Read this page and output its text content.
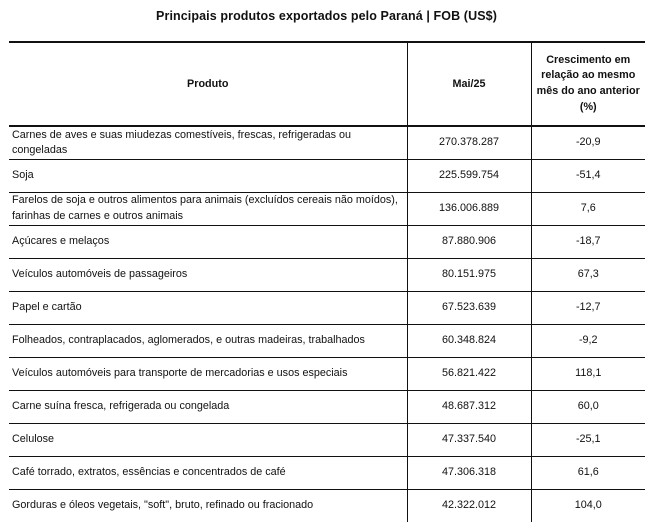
Principais produtos exportados pelo Paraná | FOB (US$)
Produto	Mai/25	Crescimento em
relação ao mesmo
mês do ano anterior
(%)
Carnes de aves e suas miudezas comestíveis, frescas, refrigeradas ou congeladas	270.378.287	-20,9
Soja	225.599.754	-51,4
Farelos de soja e outros alimentos para animais (excluídos cereais não moídos), farinhas de carnes e outros animais	136.006.889	7,6
Açúcares e melaços	87.880.906	-18,7
Veículos automóveis de passageiros	80.151.975	67,3
Papel e cartão	67.523.639	-12,7
Folheados, contraplacados, aglomerados, e outras madeiras, trabalhados	60.348.824	-9,2
Veículos automóveis para transporte de mercadorias e usos especiais	56.821.422	118,1
Carne suína fresca, refrigerada ou congelada	48.687.312	60,0
Celulose	47.337.540	-25,1
Café torrado, extratos, essências e concentrados de café	47.306.318	61,6
Gorduras e óleos vegetais, "soft", bruto, refinado ou fracionado	42.322.012	104,0
